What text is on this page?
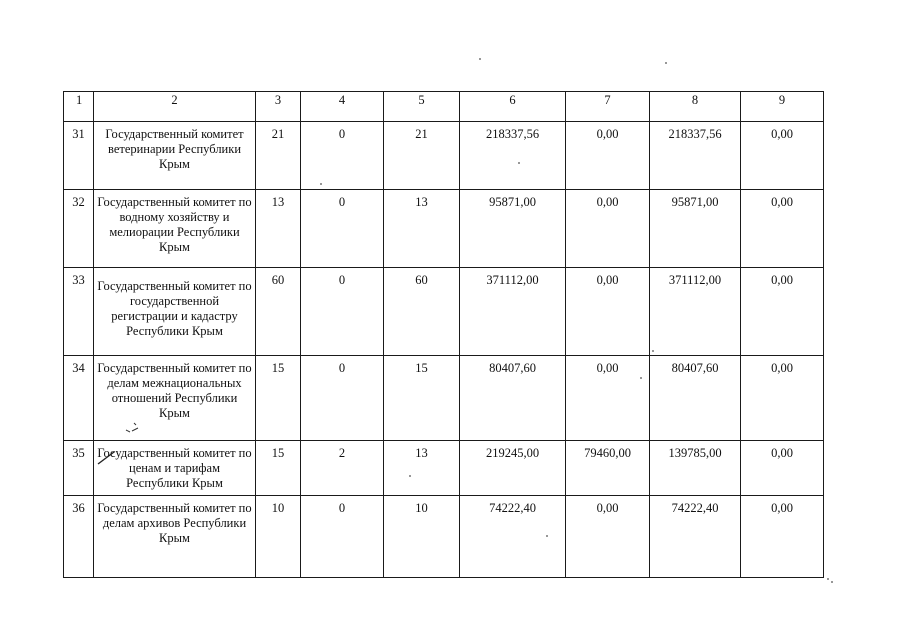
1	2	3	4	5	6	7	8	9
31	Государственный комитет ветеринарии Республики Крым	21	0	21	218337,56	0,00	218337,56	0,00
32	Государственный комитет по водному хозяйству и мелиорации Республики Крым	13	0	13	95871,00	0,00	95871,00	0,00
33	Государственный комитет по государственной регистрации и кадастру Республики Крым	60	0	60	371112,00	0,00	371112,00	0,00
34	Государственный комитет по делам межнациональных отношений Республики Крым	15	0	15	80407,60	0,00	80407,60	0,00
35	Государственный комитет по ценам и тарифам Республики Крым	15	2	13	219245,00	79460,00	139785,00	0,00
36	Государственный комитет по делам архивов Республики Крым	10	0	10	74222,40	0,00	74222,40	0,00
